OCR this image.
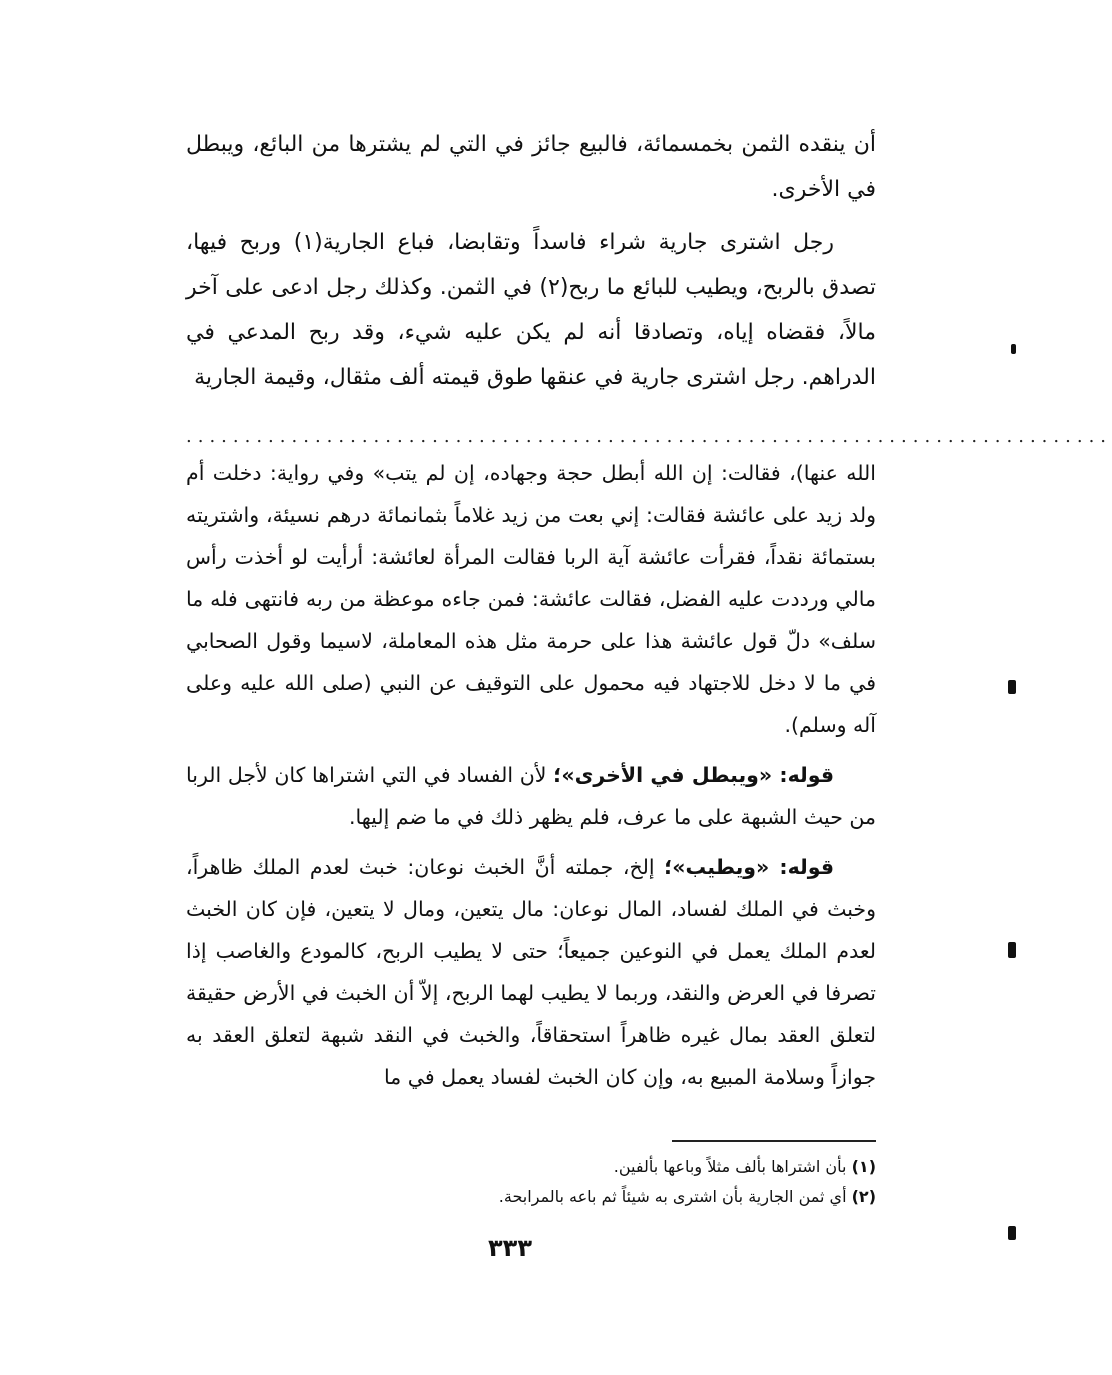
أن ينقده الثمن بخمسمائة، فالبيع جائز في التي لم يشترها من البائع، ويبطل في الأخرى.

رجل اشترى جارية شراء فاسداً وتقابضا، فباع الجارية(١) وربح فيها، تصدق بالربح، ويطيب للبائع ما ربح(٢) في الثمن. وكذلك رجل ادعى على آخر مالاً، فقضاه إياه، وتصادقا أنه لم يكن عليه شيء، وقد ربح المدعي في الدراهم. رجل اشترى جارية في عنقها طوق قيمته ألف مثقال، وقيمة الجارية

...............................................................................

الله عنها)، فقالت: إن الله أبطل حجة وجهاده، إن لم يتب» وفي رواية: دخلت أم ولد زيد على عائشة فقالت: إني بعت من زيد غلاماً بثمانمائة درهم نسيئة، واشتريته بستمائة نقداً، فقرأت عائشة آية الربا فقالت المرأة لعائشة: أرأيت لو أخذت رأس مالي ورددت عليه الفضل، فقالت عائشة: فمن جاءه موعظة من ربه فانتهى فله ما سلف» دلّ قول عائشة هذا على حرمة مثل هذه المعاملة، لاسيما وقول الصحابي في ما لا دخل للاجتهاد فيه محمول على التوقيف عن النبي (صلى الله عليه وعلى آله وسلم).

قوله: «ويبطل في الأخرى»؛ لأن الفساد في التي اشتراها كان لأجل الربا من حيث الشبهة على ما عرف، فلم يظهر ذلك في ما ضم إليها.

قوله: «ويطيب»؛ إلخ، جملته أنَّ الخبث نوعان: خبث لعدم الملك ظاهراً، وخبث في الملك لفساد، المال نوعان: مال يتعين، ومال لا يتعين، فإن كان الخبث لعدم الملك يعمل في النوعين جميعاً؛ حتى لا يطيب الربح، كالمودع والغاصب إذا تصرفا في العرض والنقد، وربما لا يطيب لهما الربح، إلاّ أن الخبث في الأرض حقيقة لتعلق العقد بمال غيره ظاهراً استحقاقاً، والخبث في النقد شبهة لتعلق العقد به جوازاً وسلامة المبيع به، وإن كان الخبث لفساد يعمل في ما

(١) بأن اشتراها بألف مثلاً وباعها بألفين.
(٢) أي ثمن الجارية بأن اشترى به شيئاً ثم باعه بالمرابحة.
٣٣٣
